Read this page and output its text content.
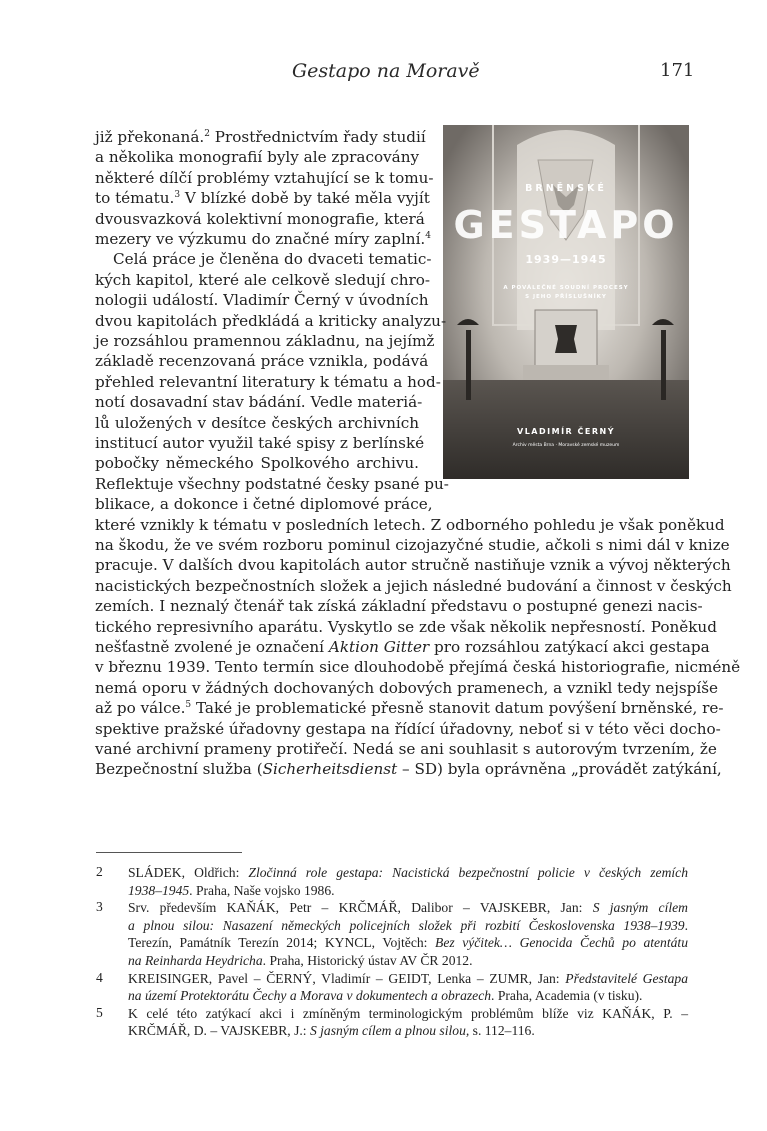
Gestapo na Moravě	171
BRNĚNSKÉ
GESTAPO
1939—1945
A POVÁLEČNÉ SOUDNÍ PROCESY
S JEHO PŘÍSLUŠNÍKY
VLADIMÍR ČERNÝ
Archiv města Brna · Moravské zemské muzeum
již překonaná.$^2$ Prostřednictvím řady studií
a několika monografií byly ale zpracovány
některé dílčí problémy vztahující se k tomu-
to tématu.$^3$ V blízké době by také měla vyjít
dvousvazková kolektivní monografie, která
mezery ve výzkumu do značné míry zaplní.$^4$
Celá práce je členěna do dvaceti tematic-
kých kapitol, které ale celkově sledují chro-
nologii událostí. Vladimír Černý v úvodních
dvou kapitolách předkládá a kriticky analyzu-
je rozsáhlou pramennou základnu, na jejímž
základě recenzovaná práce vznikla, podává
přehled relevantní literatury k tématu a hod-
notí dosavadní stav bádání. Vedle materiá-
lů uložených v desítce českých archivních
institucí autor využil také spisy z berlínské
pobočky německého Spolkového archivu.
Reflektuje všechny podstatné česky psané pu-
blikace, a dokonce i četné diplomové práce,
které vznikly k tématu v posledních letech. Z odborného pohledu je však poněkud
na škodu, že ve svém rozboru pominul cizojazyčné studie, ačkoli s nimi dál v knize
pracuje. V dalších dvou kapitolách autor stručně nastiňuje vznik a vývoj některých
nacistických bezpečnostních složek a jejich následné budování a činnost v českých
zemích. I neznalý čtenář tak získá základní představu o postupné genezi nacis-
tického represivního aparátu. Vyskytlo se zde však několik nepřesností. Poněkud
nešťastně zvolené je označení Aktion Gitter pro rozsáhlou zatýkací akci gestapa
v březnu 1939. Tento termín sice dlouhodobě přejímá česká historiografie, nicméně
nemá oporu v žádných dochovaných dobových pramenech, a vznikl tedy nejspíše
až po válce.$^5$ Také je problematické přesně stanovit datum povýšení brněnské, re-
spektive pražské úřadovny gestapa na řídící úřadovny, neboť si v této věci docho-
vané archivní prameny protiřečí. Nedá se ani souhlasit s autorovým tvrzením, že
Bezpečnostní služba (Sicherheitsdienst – SD) byla oprávněna „provádět zatýkání,
2 SLÁDEK, Oldřich: Zločinná role gestapa: Nacistická bezpečnostní policie v českých zemích
1938–1945. Praha, Naše vojsko 1986.
3 Srv. především KAŇÁK, Petr – KRČMÁŘ, Dalibor – VAJSKEBR, Jan: S jasným cílem
a plnou silou: Nasazení německých policejních složek při rozbití Československa 1938–1939.
Terezín, Památník Terezín 2014; KYNCL, Vojtěch: Bez výčitek… Genocida Čechů po atentátu
na Reinharda Heydricha. Praha, Historický ústav AV ČR 2012.
4 KREISINGER, Pavel – ČERNÝ, Vladimír – GEIDT, Lenka – ZUMR, Jan: Představitelé Gestapa
na území Protektorátu Čechy a Morava v dokumentech a obrazech. Praha, Academia (v tisku).
5 K celé této zatýkací akci i zmíněným terminologickým problémům blíže viz KAŇÁK, P. –
KRČMÁŘ, D. – VAJSKEBR, J.: S jasným cílem a plnou silou, s. 112–116.
